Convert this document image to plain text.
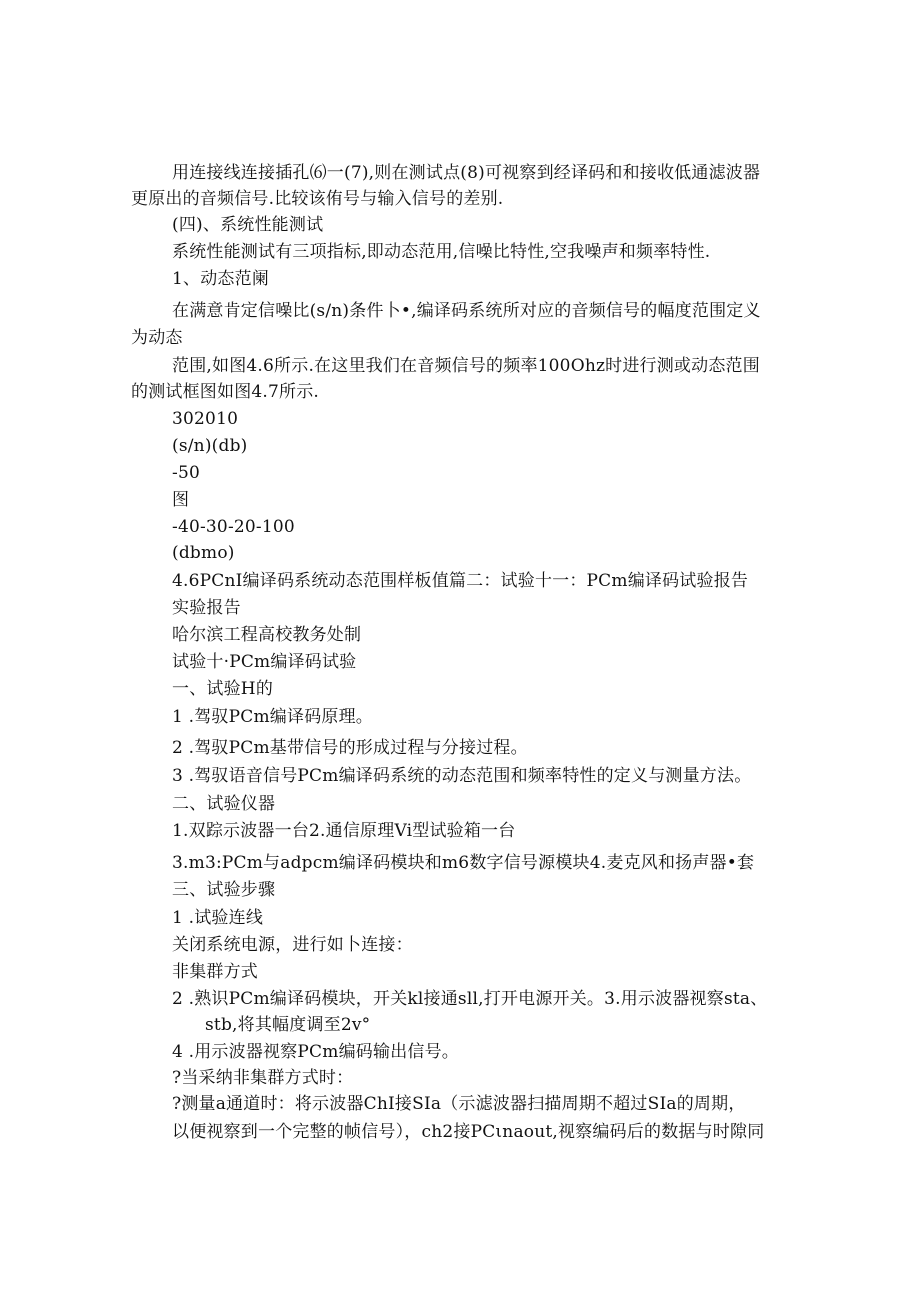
用连接线连接插孔⑹一(7),则在测试点(8)可视察到经译码和和接收低通滤波器
更原出的音频信号.比较该侑号与输入信号的差别.
(四)、系统性能测试
系统性能测试有三项指标,即动态范用,信噪比特性,空我噪声和频率特性.
1、动态范阑
在满意肯定信噪比(s∕n)条件卜•,编译码系统所对应的音频信号的幅度范围定义
为动态
范围,如图4.6所示.在这里我们在音频信号的频率100Ohz时进行测或动态范围
的测试框图如图4.7所示.
302010
(s∕n)(db)
-50
图
-40-30-20-100
(dbmo)
4.6PCnI编译码系统动态范围样板值篇二：试验十一：PCm编译码试验报告
实验报告
哈尔滨工程高校教务处制
试验十·PCm编译码试验
一、试验H的
1 .驾驭PCm编译码原理。
2 .驾驭PCm基带信号的形成过程与分接过程。
3 .驾驭语音信号PCm编译码系统的动态范围和频率特性的定义与测量方法。
二、试验仪器
1.双踪示波器一台2.通信原理Vi型试验箱一台
3.m3:PCm与adpcm编译码模块和m6数字信号源模块4.麦克风和扬声器•套
三、试验步骤
1 .试验连线
关闭系统电源，进行如卜连接：
非集群方式
2 .熟识PCm编译码模块，开关kl接通sll,打开电源开关。3.用示波器视察sta、
stb,将其幅度调至2v°
4 .用示波器视察PCm编码输出信号。
?当采纳非集群方式时：
?测量a通道时：将示波器ChI接SIa（示滤波器扫描周期不超过SIa的周期，
以便视察到一个完整的帧信号），ch2接PCιnaout,视察编码后的数据与时隙同
